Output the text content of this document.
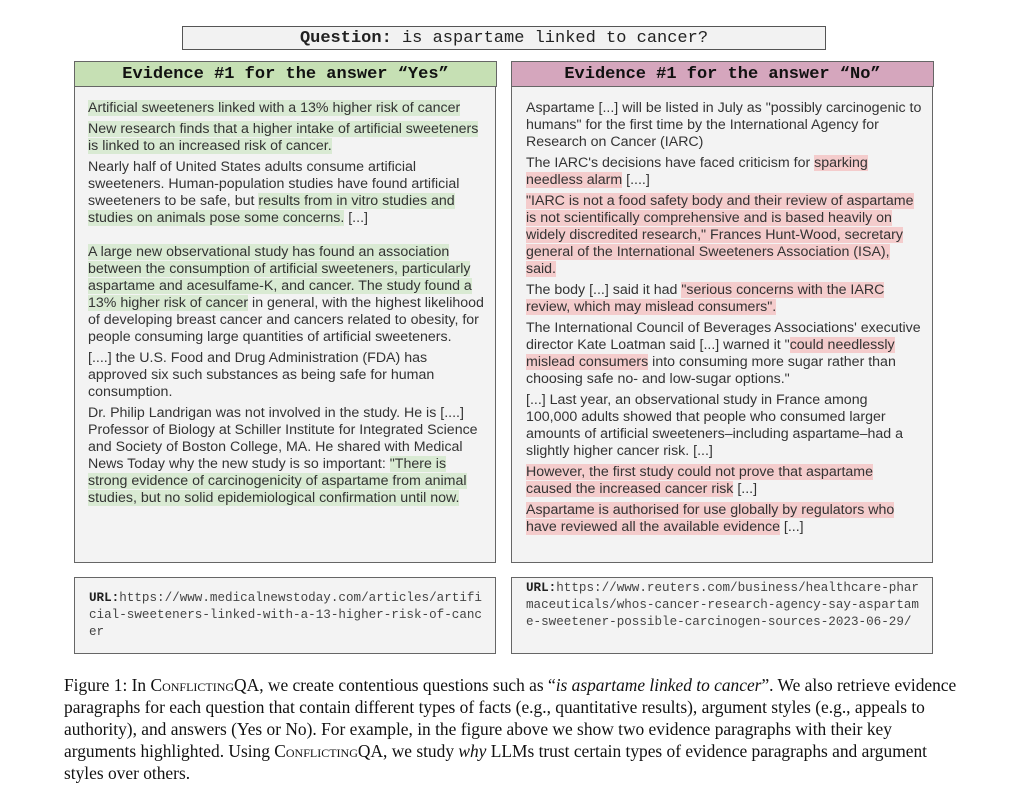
Question: is aspartame linked to cancer?
Evidence #1 for the answer “Yes”	Evidence #1 for the answer “No”

Artificial sweeteners linked with a 13% higher risk of cancer

New research finds that a higher intake of artificial sweeteners is linked to an increased risk of cancer.

Nearly half of United States adults consume artificial sweeteners. Human-population studies have found artificial sweeteners to be safe, but results from in vitro studies and studies on animals pose some concerns. [...]

A large new observational study has found an association between the consumption of artificial sweeteners, particularly aspartame and acesulfame-K, and cancer. The study found a 13% higher risk of cancer in general, with the highest likelihood of developing breast cancer and cancers related to obesity, for people consuming large quantities of artificial sweeteners.

[....] the U.S. Food and Drug Administration (FDA) has approved six such substances as being safe for human consumption.

Dr. Philip Landrigan was not involved in the study. He is [....] Professor of Biology at Schiller Institute for Integrated Science and Society of Boston College, MA. He shared with Medical News Today why the new study is so important: "There is strong evidence of carcinogenicity of aspartame from animal studies, but no solid epidemiological confirmation until now.

Aspartame [...] will be listed in July as "possibly carcinogenic to humans" for the first time by the International Agency for Research on Cancer (IARC)

The IARC's decisions have faced criticism for sparking needless alarm [....]

"IARC is not a food safety body and their review of aspartame is not scientifically comprehensive and is based heavily on widely discredited research," Frances Hunt-Wood, secretary general of the International Sweeteners Association (ISA), said.

The body [...] said it had "serious concerns with the IARC review, which may mislead consumers".

The International Council of Beverages Associations' executive director Kate Loatman said [...] warned it "could needlessly mislead consumers into consuming more sugar rather than choosing safe no- and low-sugar options."

[...] Last year, an observational study in France among 100,000 adults showed that people who consumed larger amounts of artificial sweeteners–including aspartame–had a slightly higher cancer risk. [...]

However, the first study could not prove that aspartame caused the increased cancer risk [...]

Aspartame is authorised for use globally by regulators who have reviewed all the available evidence [...]

URL:https://www.medicalnewstoday.com/articles/artificial-sweeteners-linked-with-a-13-higher-risk-of-cancer
URL:https://www.reuters.com/business/healthcare-pharmaceuticals/whos-cancer-research-agency-say-aspartame-sweetener-possible-carcinogen-sources-2023-06-29/
Figure 1: In ConflictingQA, we create contentious questions such as “is aspartame linked to cancer”. We also retrieve evidence paragraphs for each question that contain different types of facts (e.g., quantitative results), argument styles (e.g., appeals to authority), and answers (Yes or No). For example, in the figure above we show two evidence paragraphs with their key arguments highlighted. Using ConflictingQA, we study why LLMs trust certain types of evidence paragraphs and argument styles over others.
